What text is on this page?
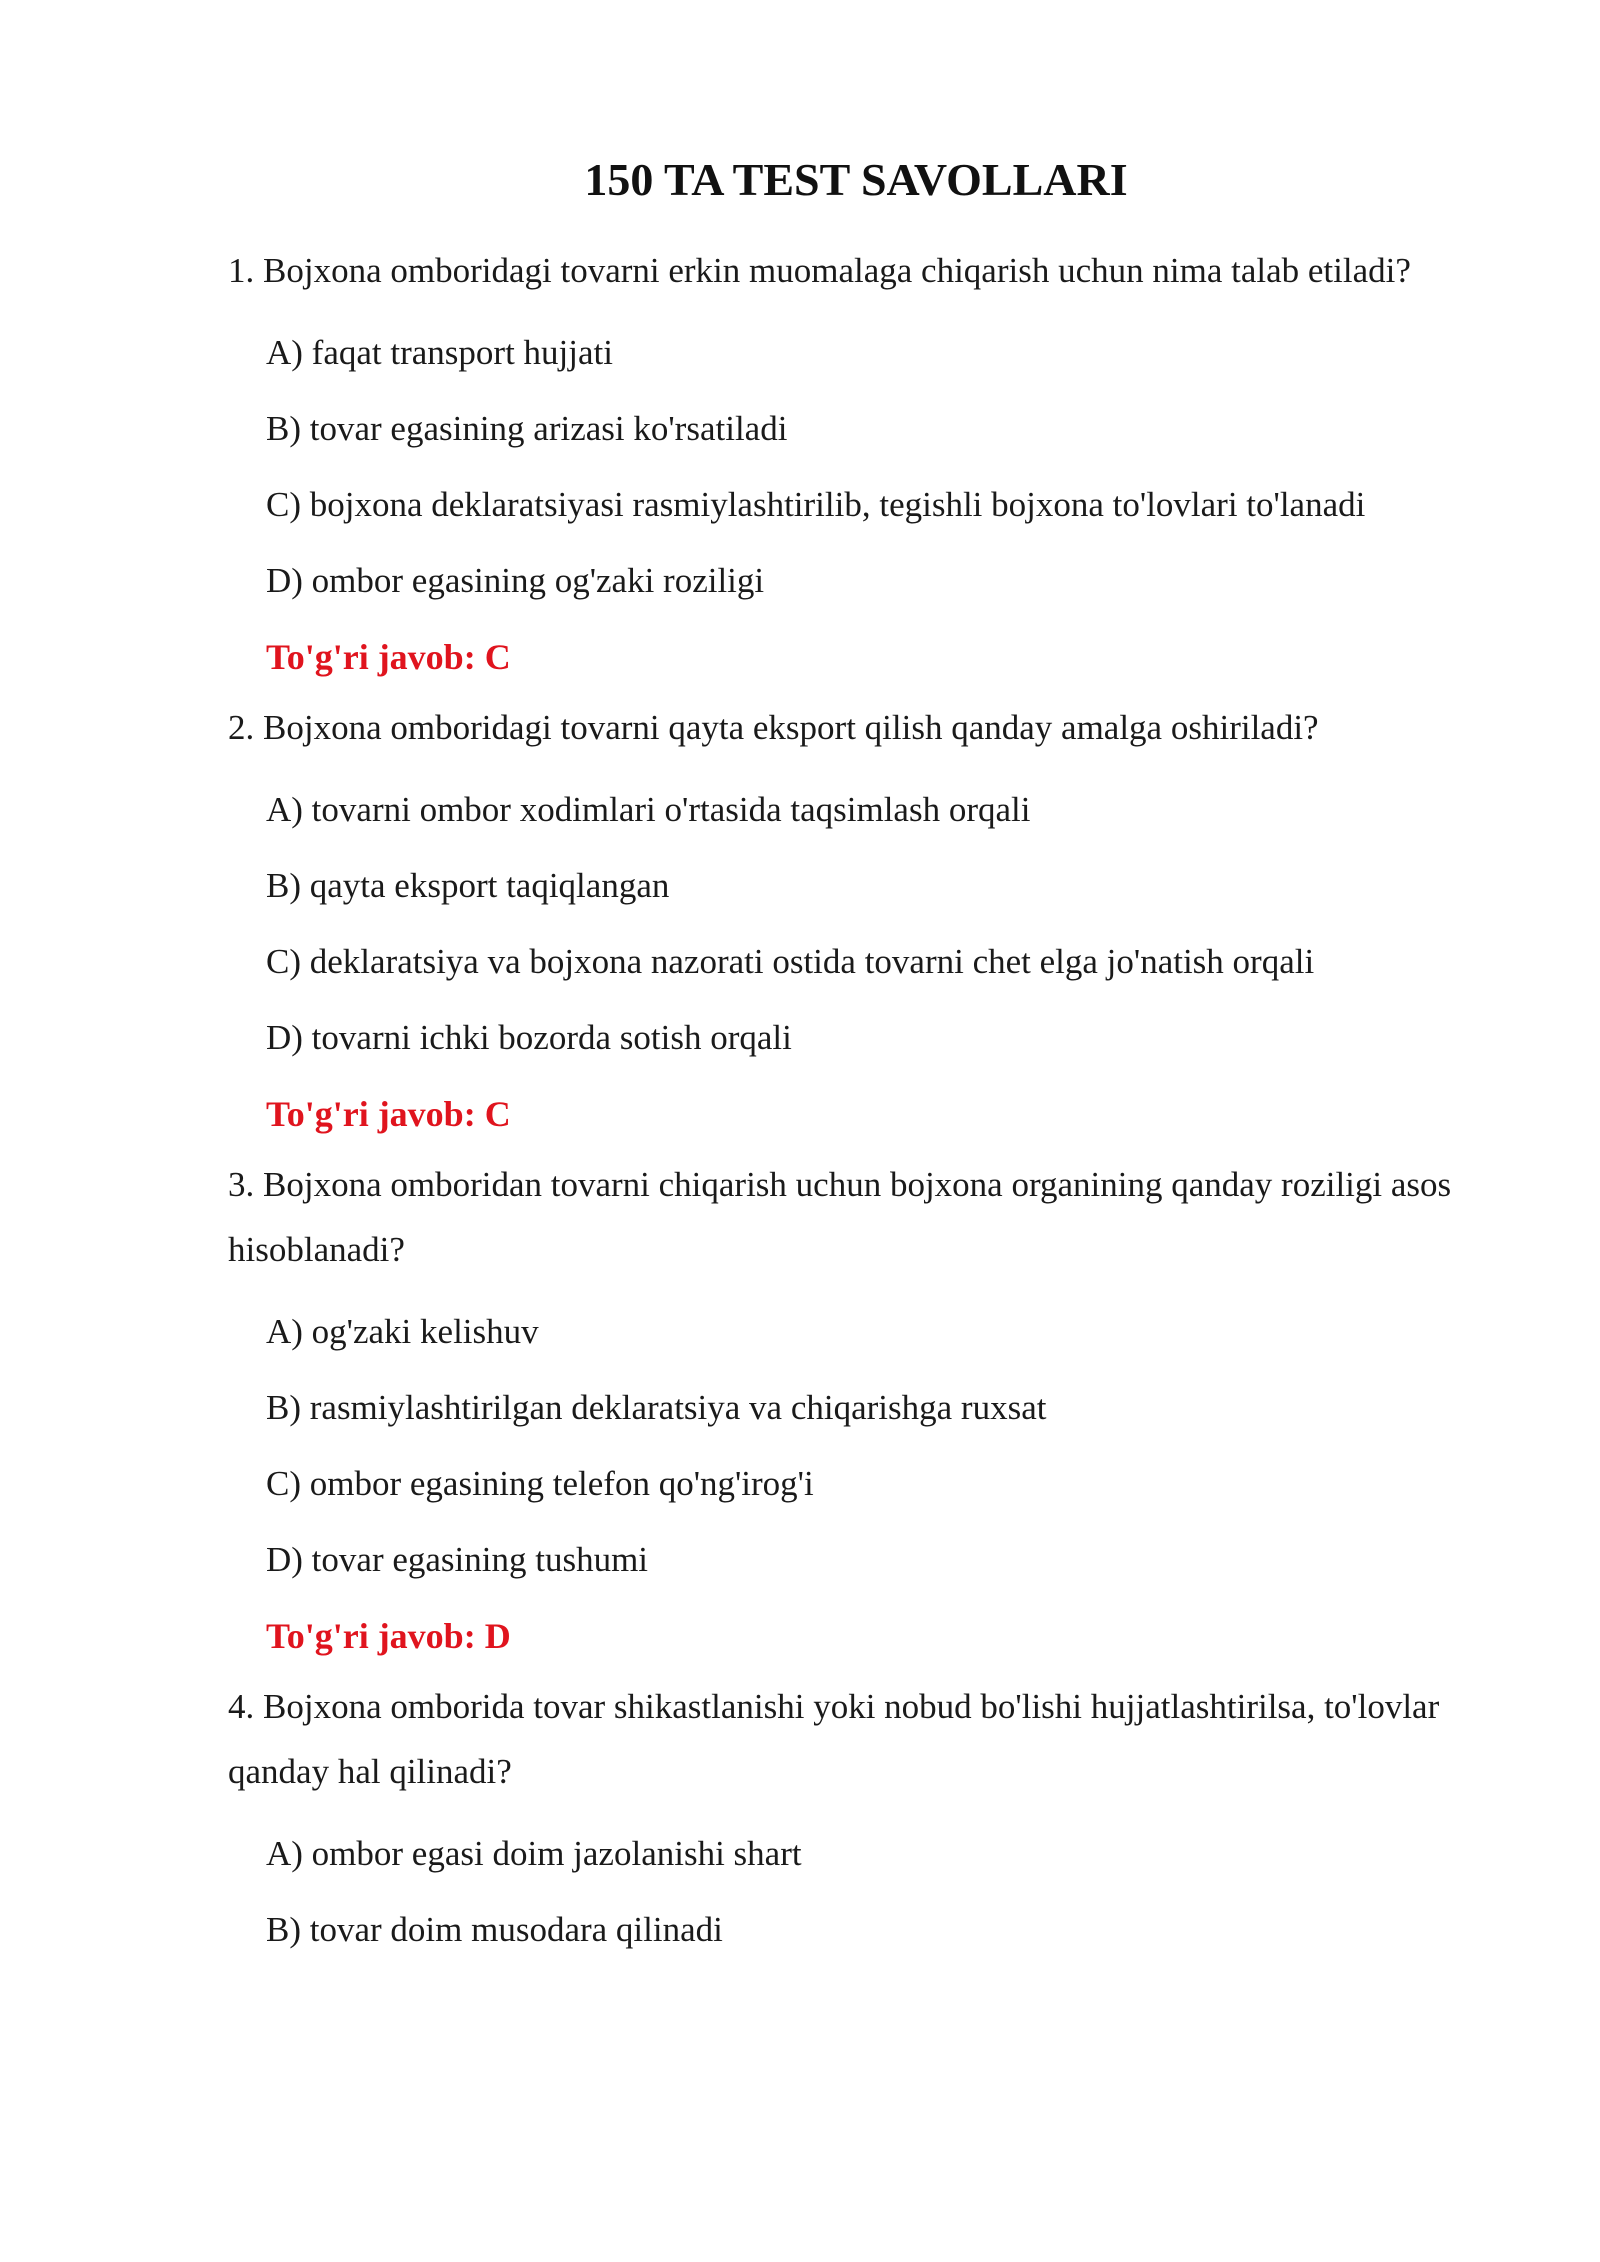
150 TA TEST SAVOLLARI
1. Bojxona omboridagi tovarni erkin muomalaga chiqarish uchun nima talab etiladi?
A) faqat transport hujjati
B) tovar egasining arizasi ko'rsatiladi
C) bojxona deklaratsiyasi rasmiylashtirilib, tegishli bojxona to'lovlari to'lanadi
D) ombor egasining og'zaki roziligi
To'g'ri javob: C
2. Bojxona omboridagi tovarni qayta eksport qilish qanday amalga oshiriladi?
A) tovarni ombor xodimlari o'rtasida taqsimlash orqali
B) qayta eksport taqiqlangan
C) deklaratsiya va bojxona nazorati ostida tovarni chet elga jo'natish orqali
D) tovarni ichki bozorda sotish orqali
To'g'ri javob: C
3. Bojxona omboridan tovarni chiqarish uchun bojxona organining qanday roziligi asos hisoblanadi?
A) og'zaki kelishuv
B) rasmiylashtirilgan deklaratsiya va chiqarishga ruxsat
C) ombor egasining telefon qo'ng'irog'i
D) tovar egasining tushumi
To'g'ri javob: D
4. Bojxona omborida tovar shikastlanishi yoki nobud bo'lishi hujjatlashtirilsa, to'lovlar qanday hal qilinadi?
A) ombor egasi doim jazolanishi shart
B) tovar doim musodara qilinadi
